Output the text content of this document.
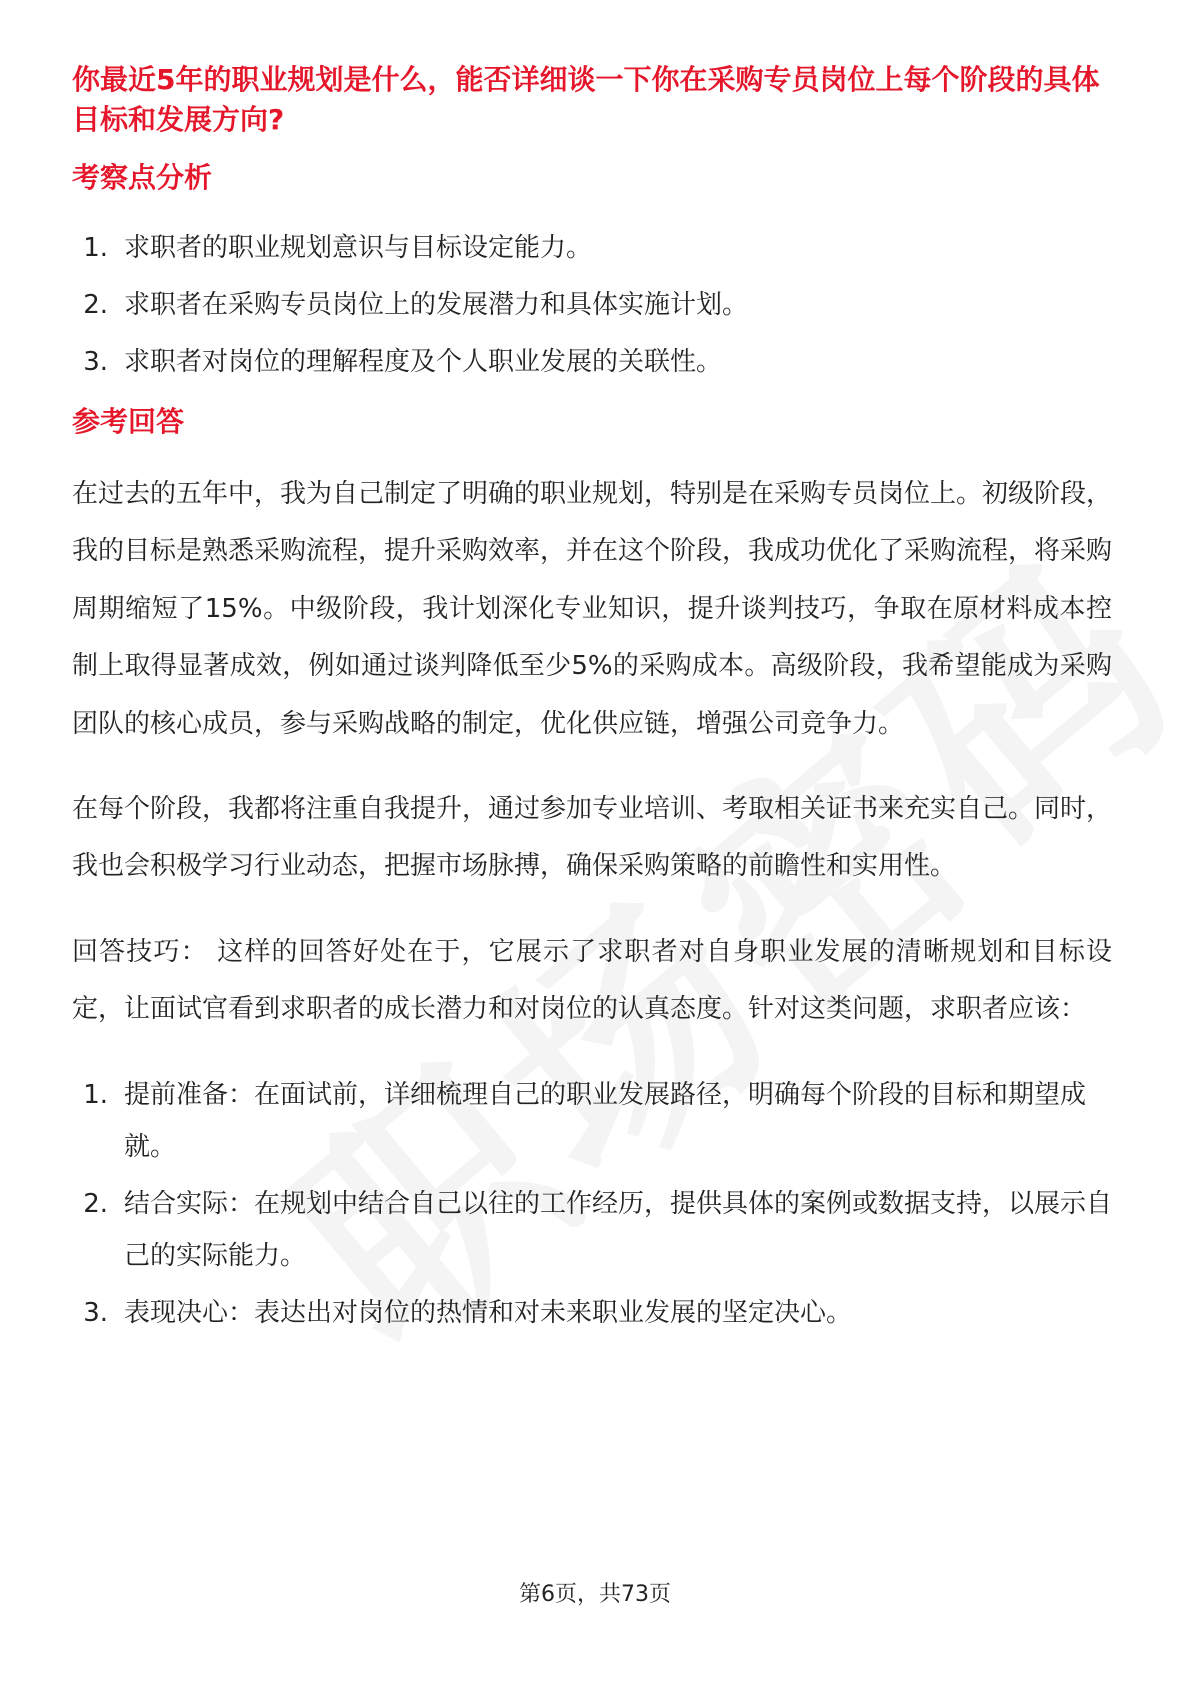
你最近5年的职业规划是什么，能否详细谈一下你在采购专员岗位上每个阶段的具体目标和发展方向?

考察点分析

1. 求职者的职业规划意识与目标设定能力。
2. 求职者在采购专员岗位上的发展潜力和具体实施计划。
3. 求职者对岗位的理解程度及个人职业发展的关联性。

参考回答

在过去的五年中，我为自己制定了明确的职业规划，特别是在采购专员岗位上。初级阶段，我的目标是熟悉采购流程，提升采购效率，并在这个阶段，我成功优化了采购流程，将采购周期缩短了15%。中级阶段，我计划深化专业知识，提升谈判技巧，争取在原材料成本控制上取得显著成效，例如通过谈判降低至少5%的采购成本。高级阶段，我希望能成为采购团队的核心成员，参与采购战略的制定，优化供应链，增强公司竞争力。

在每个阶段，我都将注重自我提升，通过参加专业培训、考取相关证书来充实自己。同时，我也会积极学习行业动态，把握市场脉搏，确保采购策略的前瞻性和实用性。

回答技巧： 这样的回答好处在于，它展示了求职者对自身职业发展的清晰规划和目标设定，让面试官看到求职者的成长潜力和对岗位的认真态度。针对这类问题，求职者应该：

1. 提前准备：在面试前，详细梳理自己的职业发展路径，明确每个阶段的目标和期望成就。
2. 结合实际：在规划中结合自己以往的工作经历，提供具体的案例或数据支持，以展示自己的实际能力。
3. 表现决心：表达出对岗位的热情和对未来职业发展的坚定决心。
第6页，共73页
